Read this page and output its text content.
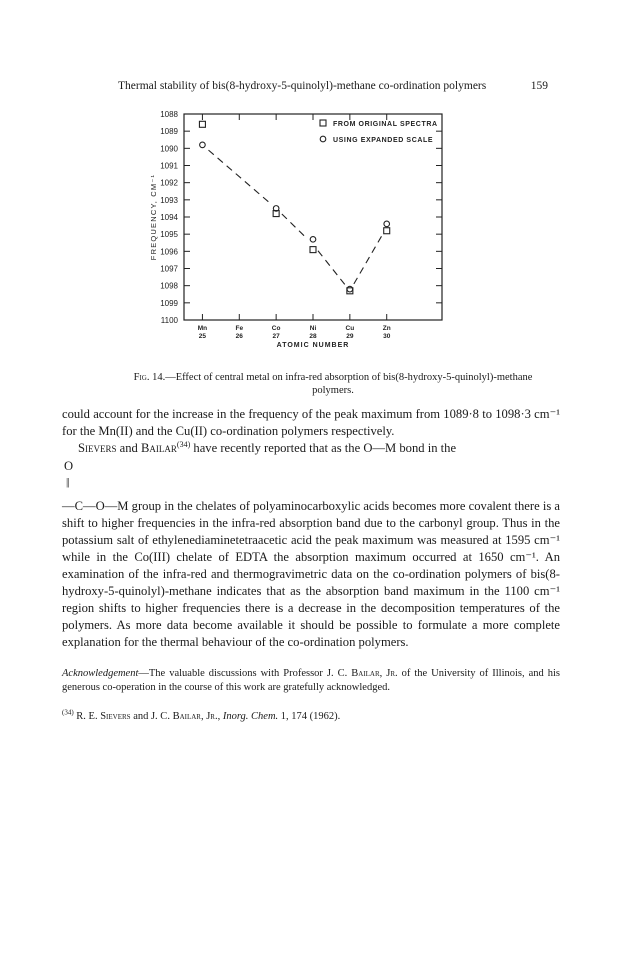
Thermal stability of bis(8-hydroxy-5-quinolyl)-methane co-ordination polymers	159
1088
1089
1090
1091
1092
1093
1094
1095
1096
1097
1098
1099
1100
Mn
25
Fe
26
Co
27
Ni
28
Cu
29
Zn
30
ATOMIC NUMBER
FREQUENCY, CM⁻¹
FROM ORIGINAL SPECTRA
USING EXPANDED SCALE
Fig. 14.—Effect of central metal on infra-red absorption of bis(8-hydroxy-5-quinolyl)-methane polymers.

could account for the increase in the frequency of the peak maximum from 1089·8 to 1098·3 cm⁻¹ for the Mn(II) and the Cu(II) co-ordination polymers respectively.

Sievers and Bailar$^{(34)}$ have recently reported that as the O—M bond in the

O
||

—C—O—M group in the chelates of polyaminocarboxylic acids becomes more covalent there is a shift to higher frequencies in the infra-red absorption band due to the carbonyl group. Thus in the potassium salt of ethylenediaminetetraacetic acid the peak maximum was measured at 1595 cm⁻¹ while in the Co(III) chelate of EDTA the absorption maximum occurred at 1650 cm⁻¹. An examination of the infra-red and thermogravimetric data on the co-ordination polymers of bis(8-hydroxy-5-quinolyl)-methane indicates that as the absorption band maximum in the 1100 cm⁻¹ region shifts to higher frequencies there is a decrease in the decomposition temperatures of the polymers. As more data become available it should be possible to formulate a more complete explanation for the thermal behaviour of the co-ordination polymers.

Acknowledgement—The valuable discussions with Professor J. C. Bailar, Jr. of the University of Illinois, and his generous co-operation in the course of this work are gratefully acknowledged.
$^{(34)}$ R. E. Sievers and J. C. Bailar, Jr., Inorg. Chem. 1, 174 (1962).
